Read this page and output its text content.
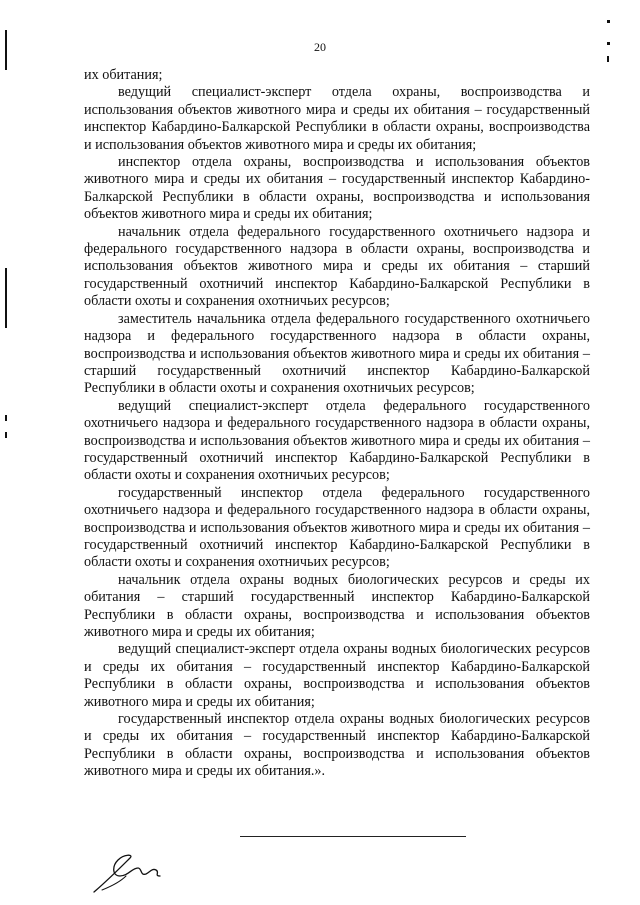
20

их обитания;

ведущий специалист-эксперт отдела охраны, воспроизводства и использования объектов животного мира и среды их обитания – государственный инспектор Кабардино-Балкарской Республики в области охраны, воспроизводства и использования объектов животного мира и среды их обитания;

инспектор отдела охраны, воспроизводства и использования объектов животного мира и среды их обитания – государственный инспектор Кабардино-Балкарской Республики в области охраны, воспроизводства и использования объектов животного мира и среды их обитания;

начальник отдела федерального государственного охотничьего надзора и федерального государственного надзора в области охраны, воспроизводства и использования объектов животного мира и среды их обитания – старший государственный охотничий инспектор Кабардино-Балкарской Республики в области охоты и сохранения охотничьих ресурсов;

заместитель начальника отдела федерального государственного охотничьего надзора и федерального государственного надзора в области охраны, воспроизводства и использования объектов животного мира и среды их обитания – старший государственный охотничий инспектор Кабардино-Балкарской Республики в области охоты и сохранения охотничьих ресурсов;

ведущий специалист-эксперт отдела федерального государственного охотничьего надзора и федерального государственного надзора в области охраны, воспроизводства и использования объектов животного мира и среды их обитания – государственный охотничий инспектор Кабардино-Балкарской Республики в области охоты и сохранения охотничьих ресурсов;

государственный инспектор отдела федерального государственного охотничьего надзора и федерального государственного надзора в области охраны, воспроизводства и использования объектов животного мира и среды их обитания – государственный охотничий инспектор Кабардино-Балкарской Республики в области охоты и сохранения охотничьих ресурсов;

начальник отдела охраны водных биологических ресурсов и среды их обитания – старший государственный инспектор Кабардино-Балкарской Республики в области охраны, воспроизводства и использования объектов животного мира и среды их обитания;

ведущий специалист-эксперт отдела охраны водных биологических ресурсов и среды их обитания – государственный инспектор Кабардино-Балкарской Республики в области охраны, воспроизводства и использования объектов животного мира и среды их обитания;

государственный инспектор отдела охраны водных биологических ресурсов и среды их обитания – государственный инспектор Кабардино-Балкарской Республики в области охраны, воспроизводства и использования объектов животного мира и среды их обитания.».
